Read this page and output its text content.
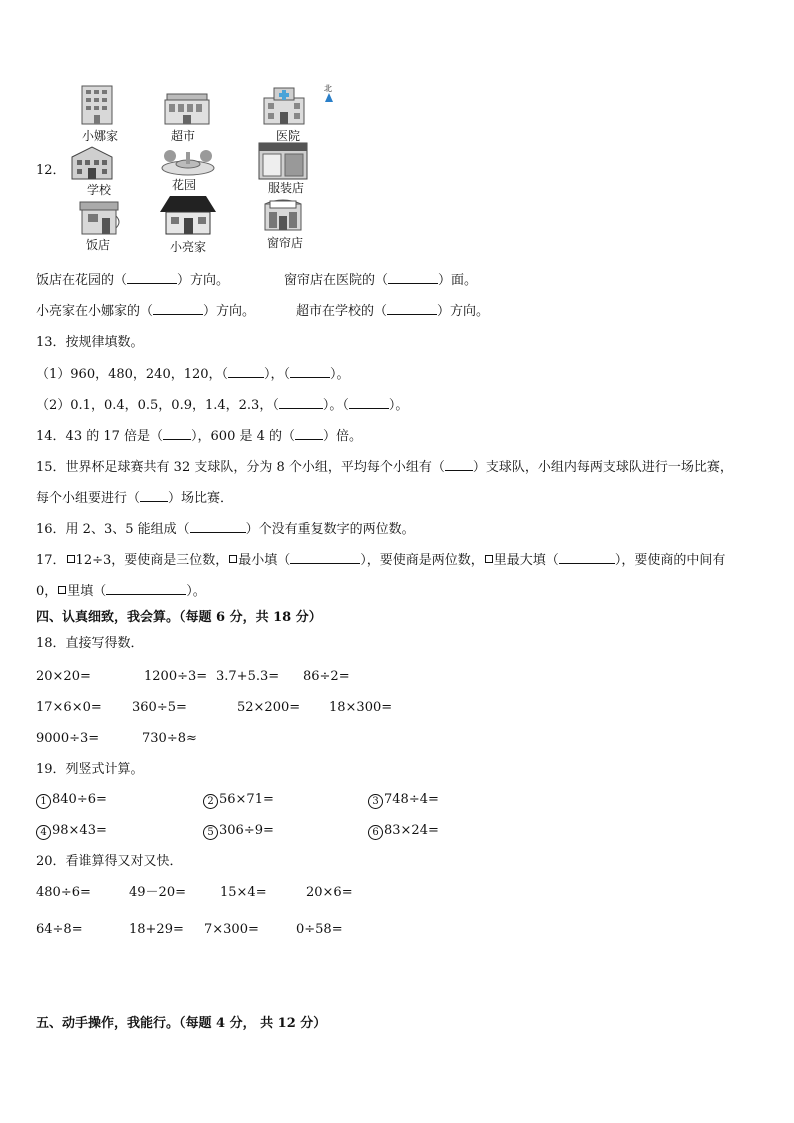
小娜家	超市	医院
北
12．
学校	花园	服装店
饭店	小亮家	窗帘店
饭店在花园的（	）方向。	窗帘店在医院的（	）面。
小亮家在小娜家的（	）方向。	超市在学校的（	）方向。
13．按规律填数。
（1）960，480，240，120，（	），（	）。
（2）0.1，0.4，0.5，0.9，1.4，2.3，（	）。（	）。
14．43 的 17 倍是（ ），600 是 4 的（ ）倍。
15．世界杯足球赛共有 32 支球队，分为 8 个小组，平均每个小组有（ ）支球队，小组内每两支球队进行一场比赛，
每个小组要进行（ ）场比赛．
16．用 2、3、5 能组成（	）个没有重复数字的两位数。
17． 12÷3，要使商是三位数， 最小填（	），要使商是两位数， 里最大填（	），要使商的中间有
0， 里填（	）。
四、认真细致，我会算。（每题 6 分，共 18 分）
18．直接写得数．
20×20=	1200÷3= 3.7+5.3= 86÷2=
17×6×0= 360÷5=	52×200= 18×300=
9000÷3=	730÷8≈
19．列竖式计算。
1 840÷6=	2 56×71=	3 748÷4=
4 98×43=	5 306÷9=	6 83×24=
20．看谁算得又对又快．
480÷6=	49－20=	15×4=	20×6=
64÷8=	18+29= 7×300=	0÷58=
五、动手操作，我能行。（每题 4 分， 共 12 分）
